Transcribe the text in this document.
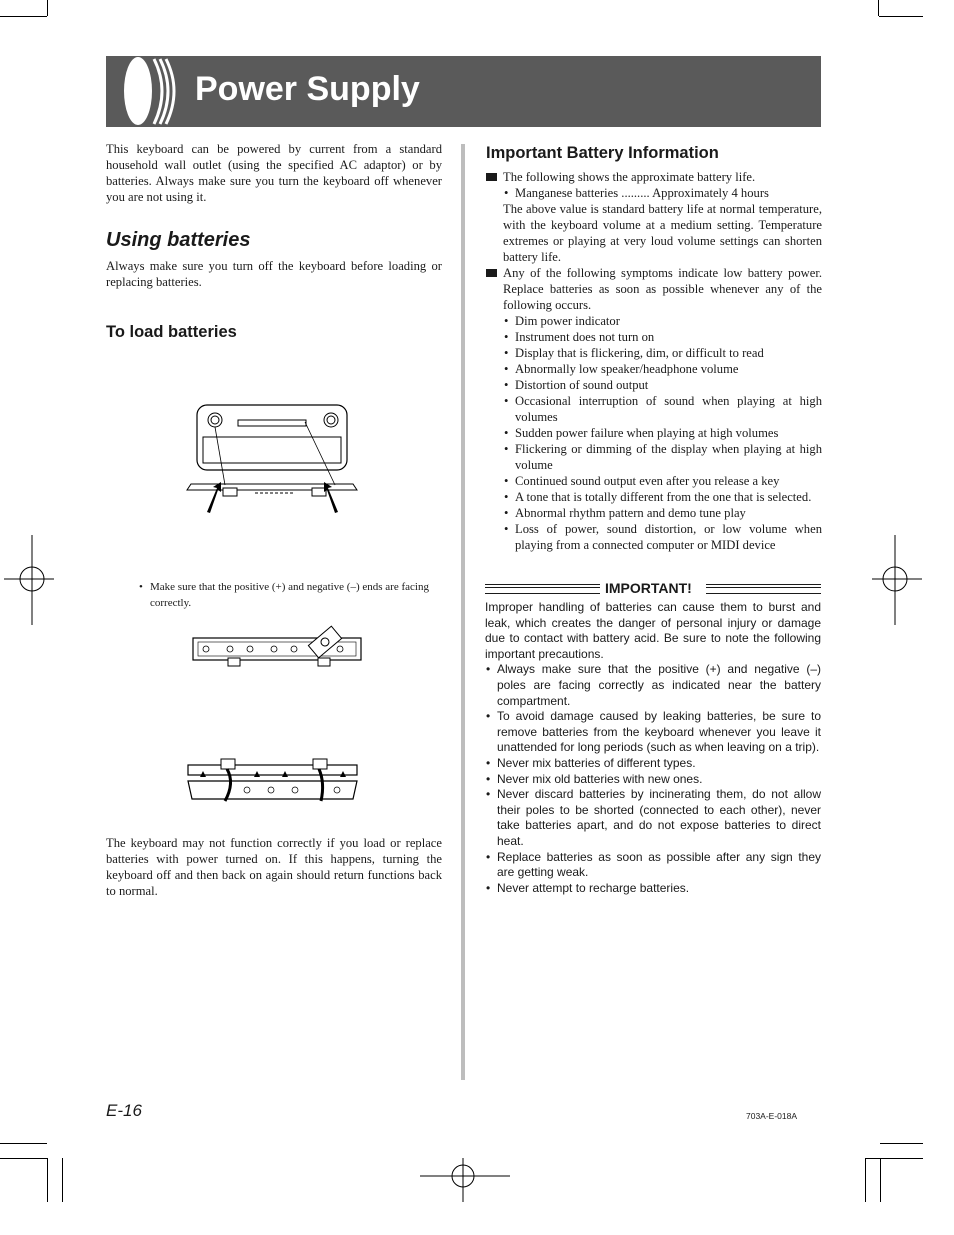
Power Supply
This keyboard can be powered by current from a standard household wall outlet (using the specified AC adaptor) or by batteries. Always make sure you turn the keyboard off whenever you are not using it.
Using batteries
Always make sure you turn off the keyboard before loading or replacing batteries.
To load batteries
• Make sure that the positive (+) and negative (–) ends are facing correctly.
The keyboard may not function correctly if you load or replace batteries with power turned on. If this happens, turning the keyboard off and then back on again should return functions back to normal.
Important Battery Information
The following shows the approximate battery life.
• Manganese batteries ......... Approximately 4 hours
The above value is standard battery life at normal temperature, with the keyboard volume at a medium setting. Temperature extremes or playing at very loud volume settings can shorten battery life.
Any of the following symptoms indicate low battery power. Replace batteries as soon as possible whenever any of the following occurs.
• Dim power indicator
• Instrument does not turn on
• Display that is flickering, dim, or difficult to read
• Abnormally low speaker/headphone volume
• Distortion of sound output
• Occasional interruption of sound when playing at high volumes
• Sudden power failure when playing at high volumes
• Flickering or dimming of the display when playing at high volume
• Continued sound output even after you release a key
• A tone that is totally different from the one that is selected.
• Abnormal rhythm pattern and demo tune play
• Loss of power, sound distortion, or low volume when playing from a connected computer or MIDI device
IMPORTANT!
Improper handling of batteries can cause them to burst and leak, which creates the danger of personal injury or damage due to contact with battery acid. Be sure to note the following important precautions.
• Always make sure that the positive (+) and negative (–) poles are facing correctly as indicated near the battery compartment.
• To avoid damage caused by leaking batteries, be sure to remove batteries from the keyboard whenever you leave it unattended for long periods (such as when leaving on a trip).
• Never mix batteries of different types.
• Never mix old batteries with new ones.
• Never discard batteries by incinerating them, do not allow their poles to be shorted (connected to each other), never take batteries apart, and do not expose batteries to direct heat.
• Replace batteries as soon as possible after any sign they are getting weak.
• Never attempt to recharge batteries.
E-16	703A-E-018A
